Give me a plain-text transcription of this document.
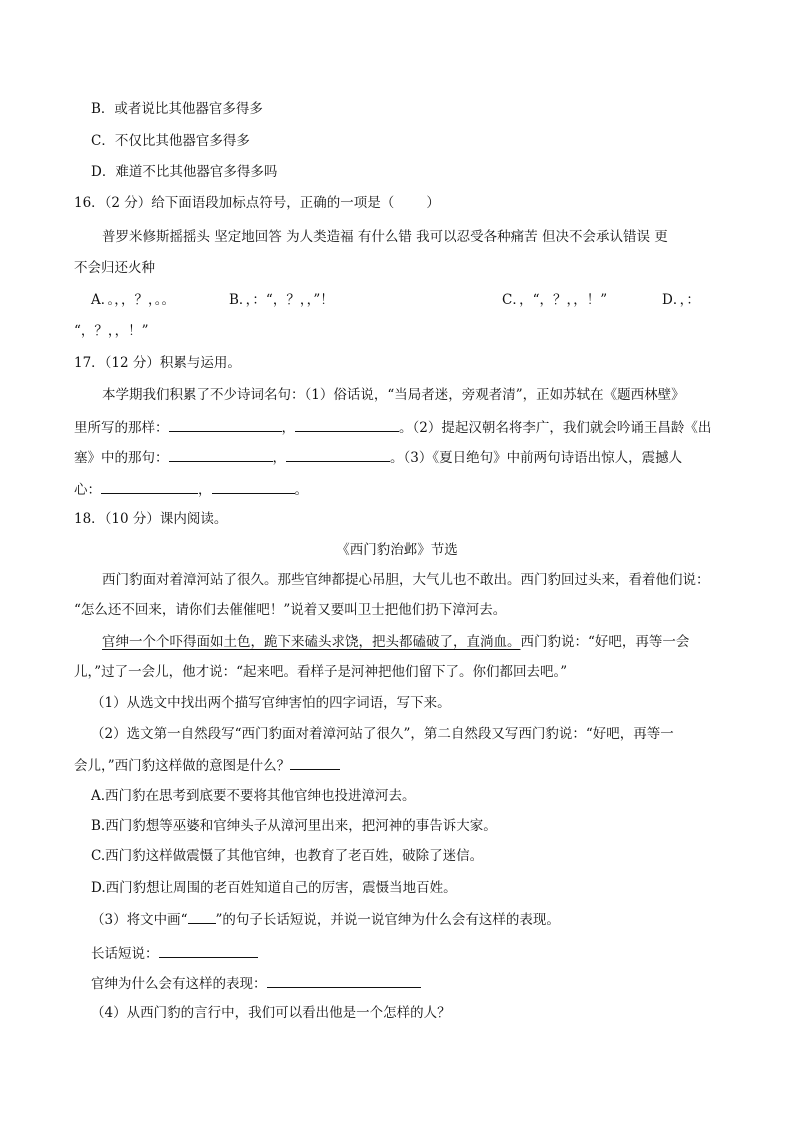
B．或者说比其他器官多得多
C．不仅比其他器官多得多
D．难道不比其他器官多得多吗
16．（2 分）给下面语段加标点符号，正确的一项是（ ）
普罗米修斯摇摇头 坚定地回答 为人类造福 有什么错 我可以忍受各种痛苦 但决不会承认错误 更
不会归还火种
A．。，，？，。。	B．，：“，？，，”！	C．，“，？，，！”	D．，：
“，？，，！”
17．（12 分）积累与运用。
本学期我们积累了不少诗词名句：（1）俗话说，“当局者迷，旁观者清”，正如苏轼在《题西林壁》
里所写的那样：	，	。（2）提起汉朝名将李广，我们就会吟诵王昌龄《出
塞》中的那句：	，	。（3）《夏日绝句》中前两句诗语出惊人，震撼人
心：	，	。
18．（10 分）课内阅读。
《西门豹治邺》节选
西门豹面对着漳河站了很久。那些官绅都提心吊胆，大气儿也不敢出。西门豹回过头来，看着他们说：
“怎么还不回来，请你们去催催吧！”说着又要叫卫士把他们扔下漳河去。
官绅一个个吓得面如土色，跪下来磕头求饶，把头都磕破了，直淌血。西门豹说：“好吧，再等一会
儿，”过了一会儿，他才说：“起来吧。看样子是河神把他们留下了。你们都回去吧。”
（1）从选文中找出两个描写官绅害怕的四字词语，写下来。
（2）选文第一自然段写“西门豹面对着漳河站了很久”，第二自然段又写西门豹说：“好吧，再等一
会儿，”西门豹这样做的意图是什么？
A.西门豹在思考到底要不要将其他官绅也投进漳河去。
B.西门豹想等巫婆和官绅头子从漳河里出来，把河神的事告诉大家。
C.西门豹这样做震慑了其他官绅，也教育了老百姓，破除了迷信。
D.西门豹想让周围的老百姓知道自己的厉害，震慑当地百姓。
（3）将文中画“ ”的句子长话短说，并说一说官绅为什么会有这样的表现。
长话短说：
官绅为什么会有这样的表现：
（4）从西门豹的言行中，我们可以看出他是一个怎样的人？
